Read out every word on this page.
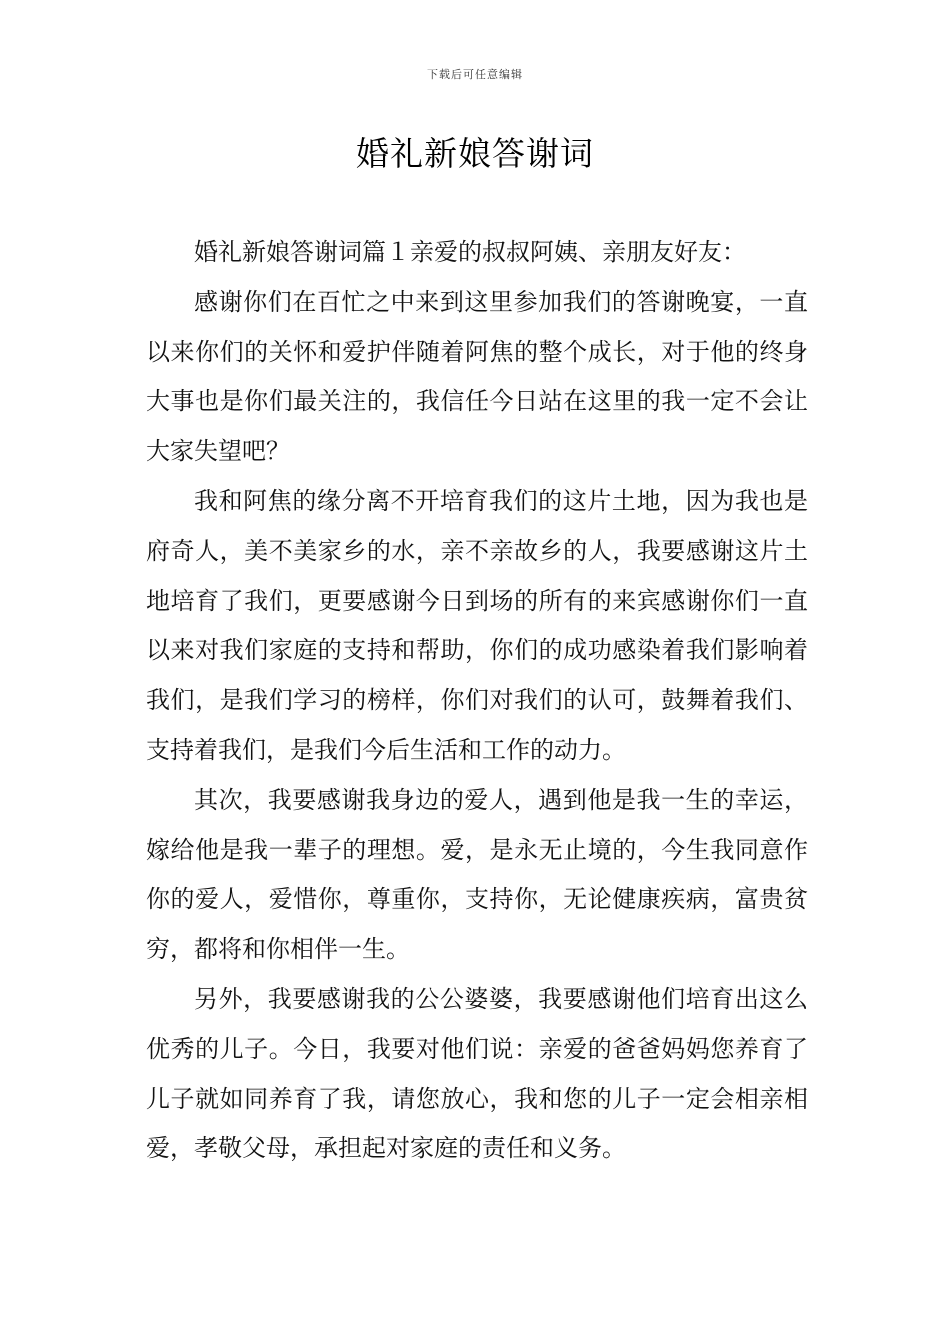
下载后可任意编辑
婚礼新娘答谢词

婚礼新娘答谢词篇１亲爱的叔叔阿姨、亲朋友好友：

感谢你们在百忙之中来到这里参加我们的答谢晚宴，一直以来你们的关怀和爱护伴随着阿焦的整个成长，对于他的终身大事也是你们最关注的，我信任今日站在这里的我一定不会让大家失望吧？

我和阿焦的缘分离不开培育我们的这片土地，因为我也是府奇人，美不美家乡的水，亲不亲故乡的人，我要感谢这片土地培育了我们，更要感谢今日到场的所有的来宾感谢你们一直以来对我们家庭的支持和帮助，你们的成功感染着我们影响着我们，是我们学习的榜样，你们对我们的认可，鼓舞着我们、支持着我们，是我们今后生活和工作的动力。

其次，我要感谢我身边的爱人，遇到他是我一生的幸运，嫁给他是我一辈子的理想。爱，是永无止境的，今生我同意作你的爱人，爱惜你，尊重你，支持你，无论健康疾病，富贵贫穷，都将和你相伴一生。

另外，我要感谢我的公公婆婆，我要感谢他们培育出这么优秀的儿子。今日，我要对他们说：亲爱的爸爸妈妈您养育了儿子就如同养育了我，请您放心，我和您的儿子一定会相亲相爱，孝敬父母，承担起对家庭的责任和义务。
